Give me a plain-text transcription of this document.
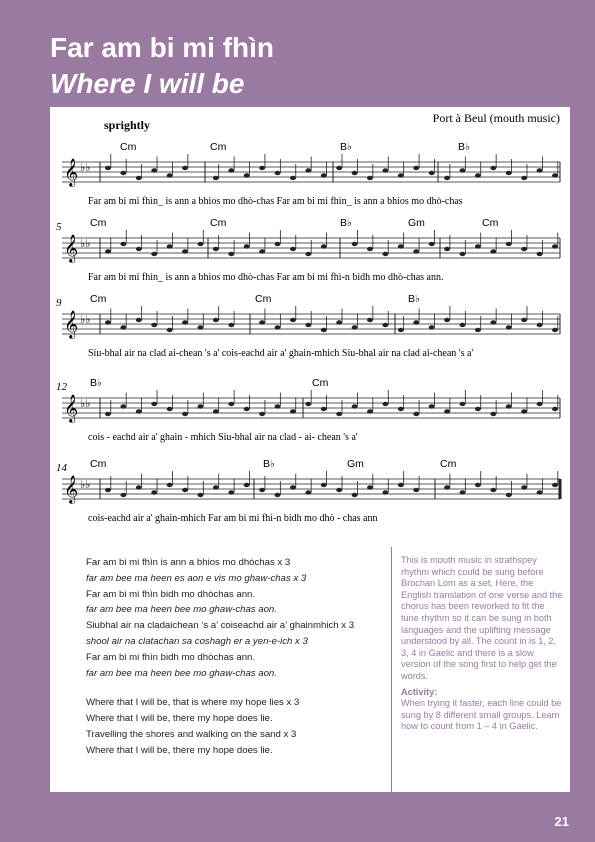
Far am bi mi fhìn
Where I will be
sprightly	Port à Beul (mouth music)
𝄞 ♭♭
Cm	Cm	B♭	B♭
Far am bi mi fhìn_ is ann a bhios mo dhò-chas Far am bi mi fhìn_ is ann a bhios mo dhò-chas
𝄞 ♭♭
5	Cm	Cm	B♭	Gm	Cm
Far am bi mi fhìn_ is ann a bhios mo dhò-chas Far am bi mi fhì-n bidh mo dhò-chas ann.
𝄞 ♭♭
9	Cm	Cm	B♭
Siu-bhal air na clad ai-chean 's a' cois-eachd air a' ghain-mhich Siu-bhal air na clad ai-chean 's a'
𝄞 ♭♭
12 B♭	Cm
cois - eachd air a' ghain - mhich Siu-bhal air na clad - ai- chean 's a'
𝄞 ♭♭
14 Cm	B♭	Gm	Cm
cois-eachd air a' ghain-mhich Far am bi mi fhì-n bidh mo dhò - chas ann

Far am bi mi fhìn is ann a bhios mo dhòchas x 3

far am bee ma heen es aon e vis mo ghaw-chas x 3

Far am bi mi fhìn bidh mo dhòchas ann.

far am bee ma heen bee mo ghaw-chas aon.

Siubhal air na cladaichean ‘s a’ coiseachd air a’ ghainmhich x 3

shool air na clatachan sa coshagh er a yen-e-ich x 3

Far am bi mi fhìn bidh mo dhòchas ann.

far am bee ma heen bee mo ghaw-chas aon.

Where that I will be, that is where my hope lies x 3

Where that I will be, there my hope does lie.

Travelling the shores and walking on the sand x 3

Where that I will be, there my hope does lie.

This is mouth music in strathspey rhythm which could be sung before Brochan Lom as a set. Here, the English translation of one verse and the chorus has been reworked to fit the tune rhythm so it can be sung in both languages and the uplifting message understood by all. The count in is 1, 2, 3, 4 in Gaelic and there is a slow version of the song first to help get the words.

Activity:

When trying it faster, each line could be sung by 8 different small groups. Learn how to count from 1 – 4 in Gaelic.

21
